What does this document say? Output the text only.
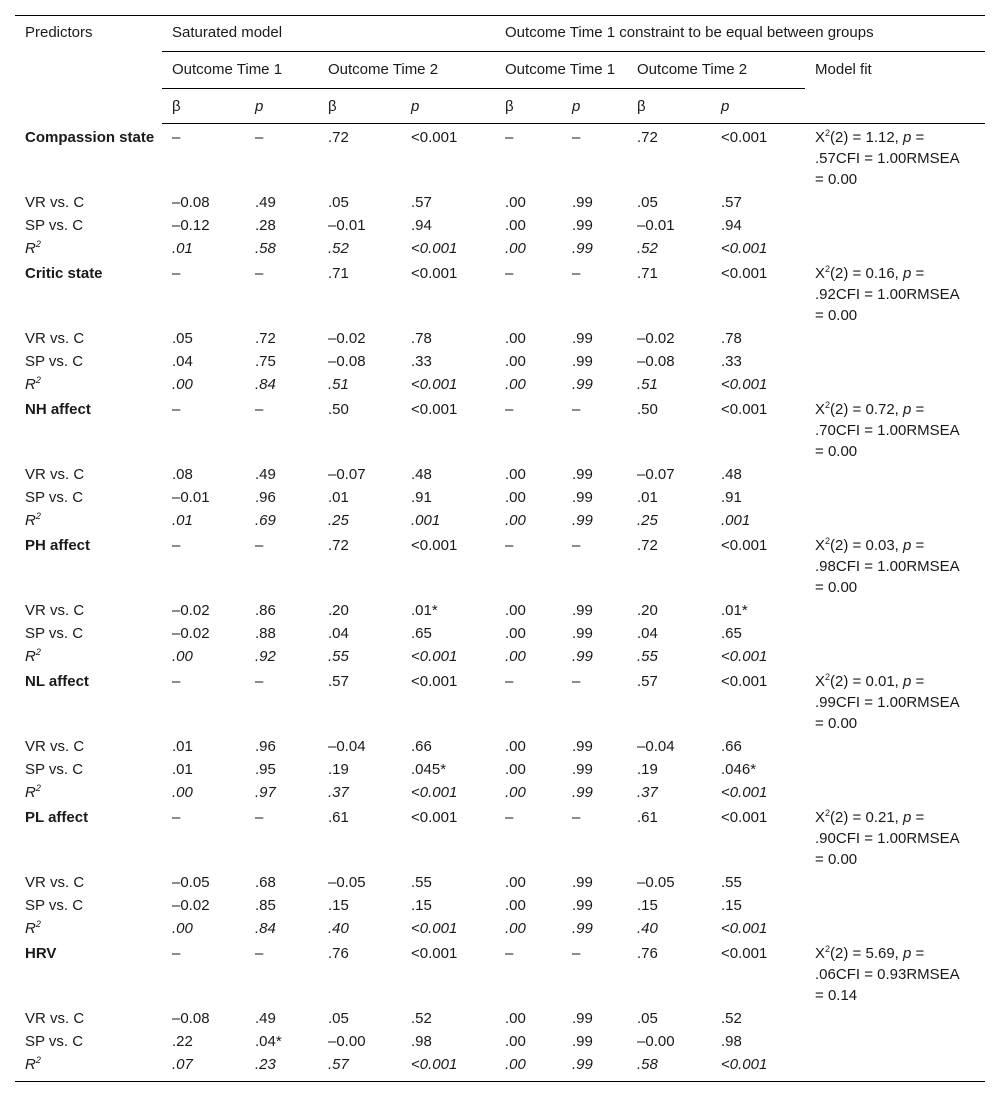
Predictors	Saturated model				Outcome Time 1 constraint to be equal between groups				
	Outcome Time 1		Outcome Time 2		Outcome Time 1		Outcome Time 2		Model fit
	β	p	β	p	β	p	β	p	
Compassion state	–	–	.72	<0.001	–	–	.72	<0.001	$X^2(2) = 1.12$, p = .57CFI = 1.00RMSEA = 0.00
VR vs. C	–0.08	.49	.05	.57	.00	.99	.05	.57	
SP vs. C	–0.12	.28	–0.01	.94	.00	.99	–0.01	.94	
$R^2$	.01	.58	.52	<0.001	.00	.99	.52	<0.001	
Critic state	–	–	.71	<0.001	–	–	.71	<0.001	$X^2(2) = 0.16$, p = .92CFI = 1.00RMSEA = 0.00
VR vs. C	.05	.72	–0.02	.78	.00	.99	–0.02	.78	
SP vs. C	.04	.75	–0.08	.33	.00	.99	–0.08	.33	
$R^2$	.00	.84	.51	<0.001	.00	.99	.51	<0.001	
NH affect	–	–	.50	<0.001	–	–	.50	<0.001	$X^2(2) = 0.72$, p = .70CFI = 1.00RMSEA = 0.00
VR vs. C	.08	.49	–0.07	.48	.00	.99	–0.07	.48	
SP vs. C	–0.01	.96	.01	.91	.00	.99	.01	.91	
$R^2$	.01	.69	.25	.001	.00	.99	.25	.001	
PH affect	–	–	.72	<0.001	–	–	.72	<0.001	$X^2(2) = 0.03$, p = .98CFI = 1.00RMSEA = 0.00
VR vs. C	–0.02	.86	.20	.01*	.00	.99	.20	.01*	
SP vs. C	–0.02	.88	.04	.65	.00	.99	.04	.65	
$R^2$	.00	.92	.55	<0.001	.00	.99	.55	<0.001	
NL affect	–	–	.57	<0.001	–	–	.57	<0.001	$X^2(2) = 0.01$, p = .99CFI = 1.00RMSEA = 0.00
VR vs. C	.01	.96	–0.04	.66	.00	.99	–0.04	.66	
SP vs. C	.01	.95	.19	.045*	.00	.99	.19	.046*	
$R^2$	.00	.97	.37	<0.001	.00	.99	.37	<0.001	
PL affect	–	–	.61	<0.001	–	–	.61	<0.001	$X^2(2) = 0.21$, p = .90CFI = 1.00RMSEA = 0.00
VR vs. C	–0.05	.68	–0.05	.55	.00	.99	–0.05	.55	
SP vs. C	–0.02	.85	.15	.15	.00	.99	.15	.15	
$R^2$	.00	.84	.40	<0.001	.00	.99	.40	<0.001	
HRV	–	–	.76	<0.001	–	–	.76	<0.001	$X^2(2) = 5.69$, p = .06CFI = 0.93RMSEA = 0.14
VR vs. C	–0.08	.49	.05	.52	.00	.99	.05	.52	
SP vs. C	.22	.04*	–0.00	.98	.00	.99	–0.00	.98	
$R^2$	.07	.23	.57	<0.001	.00	.99	.58	<0.001	
